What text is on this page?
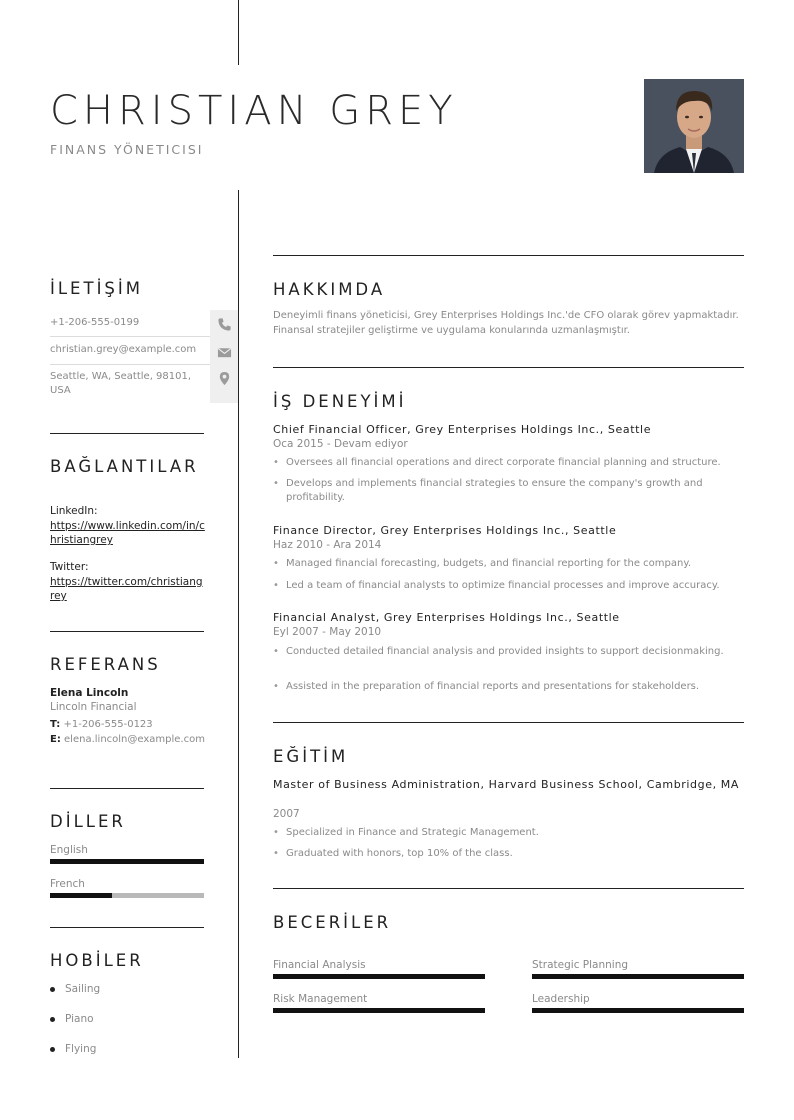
CHRISTIAN GREY
FINANS YÖNETICISI
İLETİŞİM
+1-206-555-0199
christian.grey@example.com
Seattle, WA, Seattle, 98101, USA
BAĞLANTILAR
LinkedIn:
https://www.linkedin.com/in/christiangrey
Twitter:
https://twitter.com/christiangrey
REFERANS
Elena Lincoln
Lincoln Financial
T: +1-206-555-0123
E: elena.lincoln@example.com
DİLLER
English
French
HOBİLER
Sailing
Piano
Flying
HAKKIMDA
Deneyimli finans yöneticisi, Grey Enterprises Holdings Inc.'de CFO olarak görev yapmaktadır. Finansal stratejiler geliştirme ve uygulama konularında uzmanlaşmıştır.
İŞ DENEYİMİ
Chief Financial Officer, Grey Enterprises Holdings Inc., Seattle
Oca 2015 - Devam ediyor
• Oversees all financial operations and direct corporate financial planning and structure.
• Develops and implements financial strategies to ensure the company's growth and profitability.
Finance Director, Grey Enterprises Holdings Inc., Seattle
Haz 2010 - Ara 2014
• Managed financial forecasting, budgets, and financial reporting for the company.
• Led a team of financial analysts to optimize financial processes and improve accuracy.
Financial Analyst, Grey Enterprises Holdings Inc., Seattle
Eyl 2007 - May 2010
• Conducted detailed financial analysis and provided insights to support decisionmaking.
• Assisted in the preparation of financial reports and presentations for stakeholders.
EĞİTİM
Master of Business Administration, Harvard Business School, Cambridge, MA
2007
• Specialized in Finance and Strategic Management.
• Graduated with honors, top 10% of the class.
BECERİLER
Financial Analysis	Strategic Planning
Risk Management	Leadership
